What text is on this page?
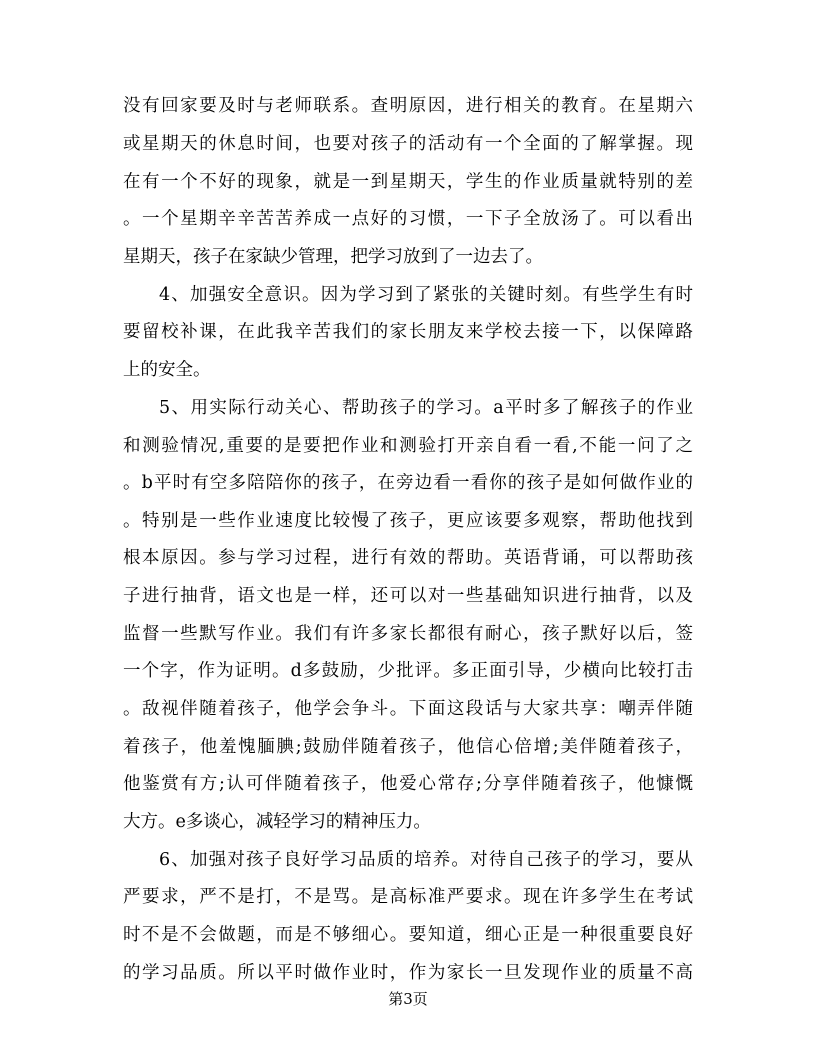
没有回家要及时与老师联系。查明原因，进行相关的教育。在星期六
或星期天的休息时间，也要对孩子的活动有一个全面的了解掌握。现
在有一个不好的现象，就是一到星期天，学生的作业质量就特别的差
。一个星期辛辛苦苦养成一点好的习惯，一下子全放汤了。可以看出
星期天，孩子在家缺少管理，把学习放到了一边去了。
4、加强安全意识。因为学习到了紧张的关键时刻。有些学生有时
要留校补课，在此我辛苦我们的家长朋友来学校去接一下，以保障路
上的安全。
5、用实际行动关心、帮助孩子的学习。a平时多了解孩子的作业
和测验情况,重要的是要把作业和测验打开亲自看一看,不能一问了之
。b平时有空多陪陪你的孩子，在旁边看一看你的孩子是如何做作业的
。特别是一些作业速度比较慢了孩子，更应该要多观察，帮助他找到
根本原因。参与学习过程，进行有效的帮助。英语背诵，可以帮助孩
子进行抽背，语文也是一样，还可以对一些基础知识进行抽背，以及
监督一些默写作业。我们有许多家长都很有耐心，孩子默好以后，签
一个字，作为证明。d多鼓励，少批评。多正面引导，少横向比较打击
。敌视伴随着孩子，他学会争斗。下面这段话与大家共享：嘲弄伴随
着孩子，他羞愧腼腆;鼓励伴随着孩子，他信心倍增;美伴随着孩子，
他鉴赏有方;认可伴随着孩子，他爱心常存;分享伴随着孩子，他慷慨
大方。e多谈心，减轻学习的精神压力。
6、加强对孩子良好学习品质的培养。对待自己孩子的学习，要从
严要求，严不是打，不是骂。是高标准严要求。现在许多学生在考试
时不是不会做题，而是不够细心。要知道，细心正是一种很重要良好
的学习品质。所以平时做作业时，作为家长一旦发现作业的质量不高
第3页
